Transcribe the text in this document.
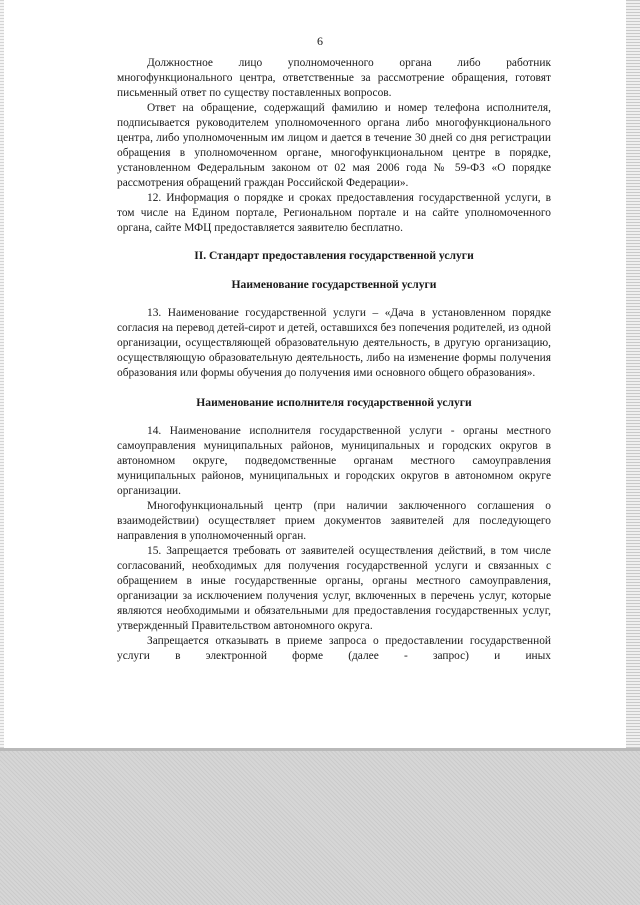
6

Должностное лицо уполномоченного органа либо работник многофункционального центра, ответственные за рассмотрение обращения, готовят письменный ответ по существу поставленных вопросов.

Ответ на обращение, содержащий фамилию и номер телефона исполнителя, подписывается руководителем уполномоченного органа либо многофункционального центра, либо уполномоченным им лицом и дается в течение 30 дней со дня регистрации обращения в уполномоченном органе, многофункциональном центре в порядке, установленном Федеральным законом от 02 мая 2006 года № 59-ФЗ «О порядке рассмотрения обращений граждан Российской Федерации».

12. Информация о порядке и сроках предоставления государственной услуги, в том числе на Едином портале, Региональном портале и на сайте уполномоченного органа, сайте МФЦ предоставляется заявителю бесплатно.

II. Стандарт предоставления государственной услуги
Наименование государственной услуги

13. Наименование государственной услуги – «Дача в установленном порядке согласия на перевод детей-сирот и детей, оставшихся без попечения родителей, из одной организации, осуществляющей образовательную деятельность, в другую организацию, осуществляющую образовательную деятельность, либо на изменение формы получения образования или формы обучения до получения ими основного общего образования».

Наименование исполнителя государственной услуги

14. Наименование исполнителя государственной услуги - органы местного самоуправления муниципальных районов, муниципальных и городских округов в автономном округе, подведомственные органам местного самоуправления муниципальных районов, муниципальных и городских округов в автономном округе организации.

Многофункциональный центр (при наличии заключенного соглашения о взаимодействии) осуществляет прием документов заявителей для последующего направления в уполномоченный орган.

15. Запрещается требовать от заявителей осуществления действий, в том числе согласований, необходимых для получения государственной услуги и связанных с обращением в иные государственные органы, органы местного самоуправления, организации за исключением получения услуг, включенных в перечень услуг, которые являются необходимыми и обязательными для предоставления государственных услуг, утвержденный Правительством автономного округа.

Запрещается отказывать в приеме запроса о предоставлении государственной услуги в электронной форме (далее - запрос) и иных
